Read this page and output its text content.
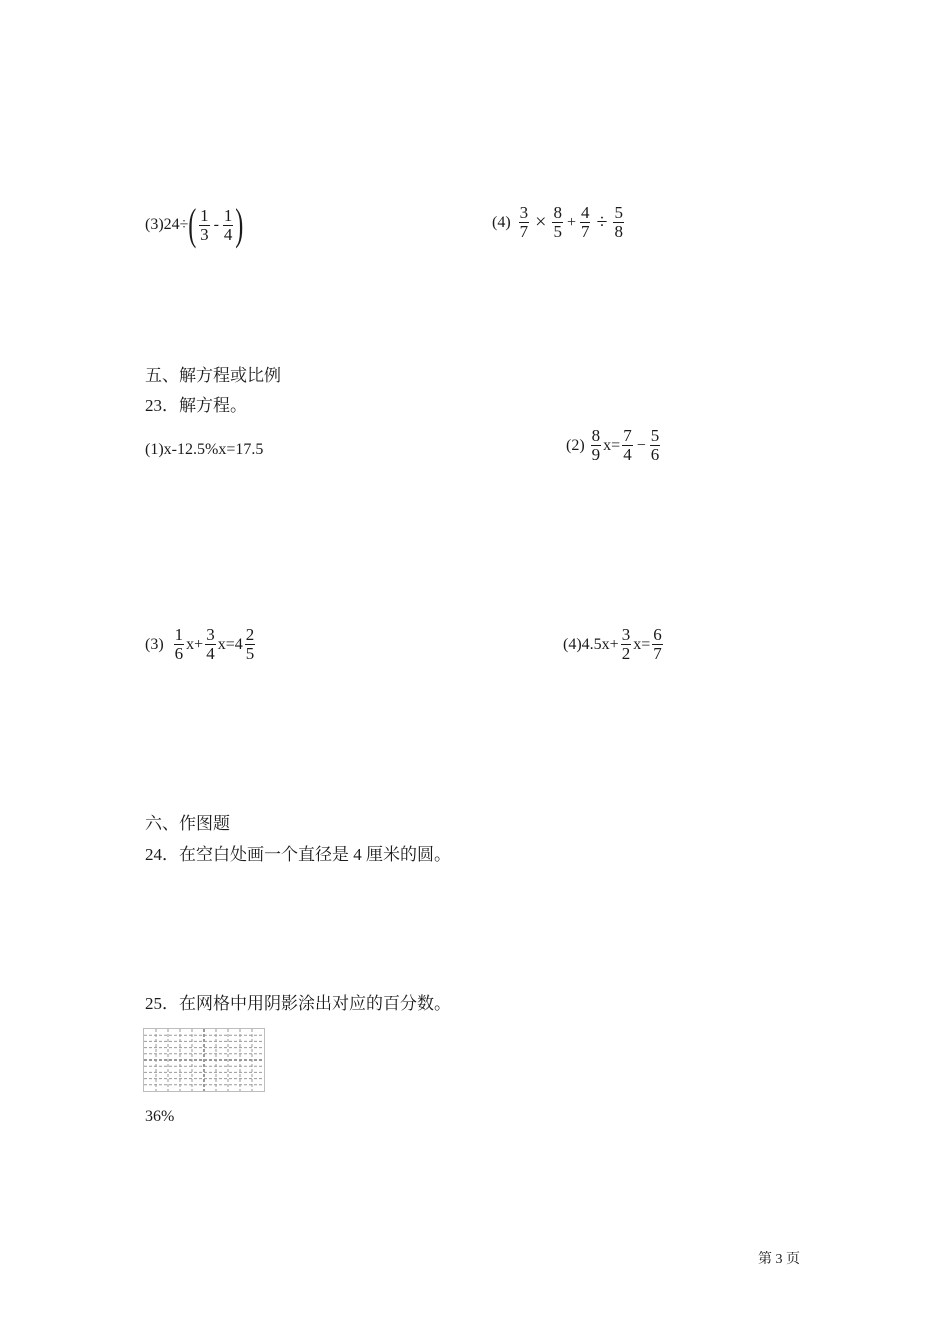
(3) 24÷ ( $\frac{1}{3} - \frac{1}{4}$ )	$(4) \frac{3}{7} \times \frac{8}{5} + \frac{4}{7} \div \frac{5}{8}$
五、解方程或比例
23．解方程。
(1)x-12.5%x=17.5	$(2) \frac{8}{9} x= \frac{7}{4} - \frac{5}{6}$
$(3) \frac{1}{6} x+ \frac{3}{4} x=4 \frac{2}{5}$	$(4)4.5x+ \frac{3}{2} x= \frac{6}{7}$
六、作图题
24．在空白处画一个直径是 4 厘米的圆。
25．在网格中用阴影涂出对应的百分数。
36%
第 3 页
